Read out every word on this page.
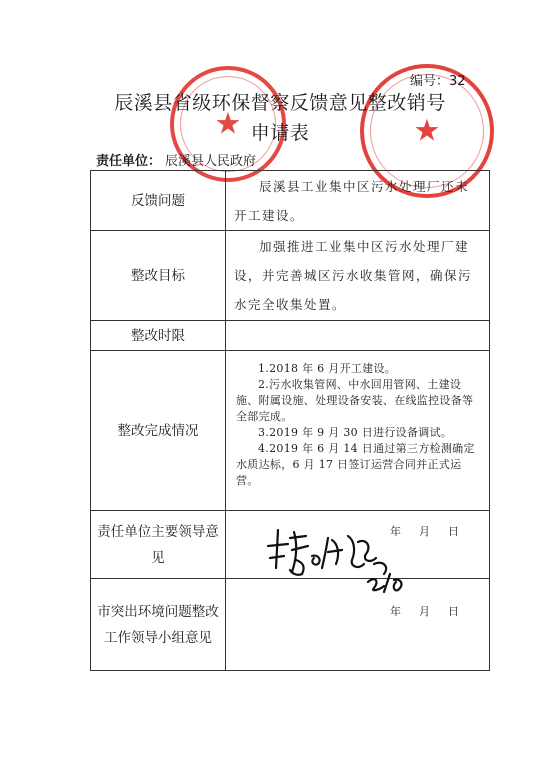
★	★
编号：32
辰溪县省级环保督察反馈意见整改销号
申请表
责任单位： 辰溪县人民政府
反馈问题	辰溪县工业集中区污水处理厂还未开工建设。

整改目标	加强推进工业集中区污水处理厂建设，并完善城区污水收集管网，确保污水完全收集处置。

整改时限	
整改完成情况	1.2018 年 6 月开工建设。
2.污水收集管网、中水回用管网、土建设施、附属设施、处理设备安装、在线监控设备等全部完成。
3.2019 年 9 月 30 日进行设备调试。
4.2019 年 6 月 14 日通过第三方检测确定水质达标，6 月 17 日签订运营合同并正式运营。

责任单位主要领导意见	年 月 日

市突出环境问题整改工作领导小组意见	年 月 日
